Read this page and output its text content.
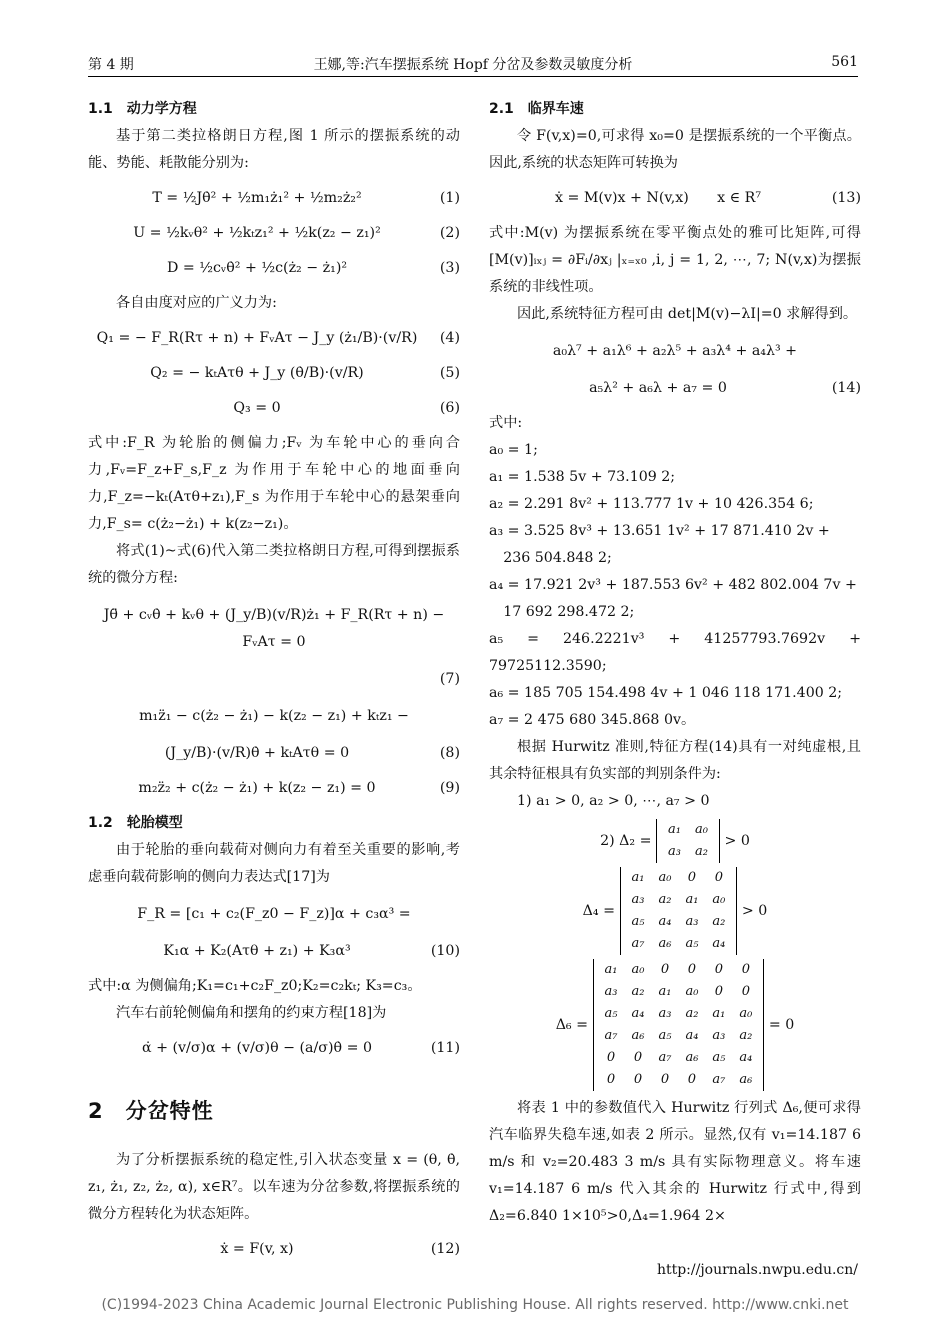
第 4 期	王娜,等:汽车摆振系统 Hopf 分岔及参数灵敏度分析	561

1.1　动力学方程

基于第二类拉格朗日方程,图 1 所示的摆振系统的动能、势能、耗散能分别为:

T = ½Jθ̇² + ½m₁ż₁² + ½m₂ż₂²	(1)
U = ½kᵥθ² + ½kₜz₁² + ½k(z₂ − z₁)²	(2)
D = ½cᵥθ̇² + ½c(ż₂ − ż₁)²	(3)

各自由度对应的广义力为:

Q₁ = − F_R(Rτ + n) + FᵥAτ − J_y (ż₁/B)·(v/R) (4)
Q₂ = − kₜAτθ + J_y (θ̇/B)·(v/R)	(5)
Q₃ = 0	(6)

式中:F_R 为轮胎的侧偏力;Fᵥ 为车轮中心的垂向合力,Fᵥ=F_z+F_s,F_z 为作用于车轮中心的地面垂向力,F_z=−kₜ(Aτθ+z₁),F_s 为作用于车轮中心的悬架垂向力,F_s= c(ż₂−ż₁) + k(z₂−z₁)。

将式(1)~式(6)代入第二类拉格朗日方程,可得到摆振系统的微分方程:

Jθ̈ + cᵥθ̇ + kᵥθ + (J_y/B)(v/R)ż₁ + F_R(Rτ + n) − FᵥAτ = 0

(7)

m₁z̈₁ − c(ż₂ − ż₁) − k(z₂ − z₁) + kₜz₁ −
(J_y/B)·(v/R)θ̇ + kₜAτθ = 0	(8)
m₂z̈₂ + c(ż₂ − ż₁) + k(z₂ − z₁) = 0	(9)

1.2　轮胎模型

由于轮胎的垂向载荷对侧向力有着至关重要的影响,考虑垂向载荷影响的侧向力表达式[17]为

F_R = [c₁ + c₂(F_z0 − F_z)]α + c₃α³ =
K₁α + K₂(Aτθ + z₁) + K₃α³	(10)

式中:α 为侧偏角;K₁=c₁+c₂F_z0;K₂=c₂kₜ; K₃=c₃。

汽车右前轮侧偏角和摆角的约束方程[18]为

α̇ + (v/σ)α + (v/σ)θ − (a/σ)θ̇ = 0	(11)

2　分岔特性

为了分析摆振系统的稳定性,引入状态变量 x = (θ, θ̇, z₁, ż₁, z₂, ż₂, α), x∈R⁷。以车速为分岔参数,将摆振系统的微分方程转化为状态矩阵。

ẋ = F(v, x)	(12)

2.1　临界车速

令 F(v,x)=0,可求得 x₀=0 是摆振系统的一个平衡点。因此,系统的状态矩阵可转换为

ẋ = M(v)x + N(v,x)　　x ∈ R⁷	(13)

式中:M(v) 为摆振系统在零平衡点处的雅可比矩阵,可得[M(v)]ᵢₓⱼ = ∂Fᵢ/∂xⱼ |ₓ₌ₓ₀ ,i, j = 1, 2, ⋯, 7; N(v,x)为摆振系统的非线性项。

因此,系统特征方程可由 det|M(v)−λI|=0 求解得到。

a₀λ⁷ + a₁λ⁶ + a₂λ⁵ + a₃λ⁴ + a₄λ³ +
a₅λ² + a₆λ + a₇ = 0	(14)

式中:

a₀ = 1;

a₁ = 1.538 5v + 73.109 2;

a₂ = 2.291 8v² + 113.777 1v + 10 426.354 6;

a₃ = 3.525 8v³ + 13.651 1v² + 17 871.410 2v +

　236 504.848 2;

a₄ = 17.921 2v³ + 187.553 6v² + 482 802.004 7v +

　17 692 298.472 2;

a₅ = 246.2221v³ + 41257793.7692v + 79725112.3590;

a₆ = 185 705 154.498 4v + 1 046 118 171.400 2;

a₇ = 2 475 680 345.868 0v。

根据 Hurwitz 准则,特征方程(14)具有一对纯虚根,且其余特征根具有负实部的判别条件为:

1) a₁ > 0, a₂ > 0, ⋯, a₇ > 0

2) Δ₂ =
a₁	a₀
a₃	a₂
> 0
Δ₄ =
a₁	a₀	0	0
a₃	a₂	a₁	a₀
a₅	a₄	a₃	a₂
a₇	a₆	a₅	a₄
> 0
Δ₆ =
a₁	a₀	0	0	0	0
a₃	a₂	a₁	a₀	0	0
a₅	a₄	a₃	a₂	a₁	a₀
a₇	a₆	a₅	a₄	a₃	a₂
0	0	a₇	a₆	a₅	a₄
0	0	0	0	a₇	a₆
= 0

将表 1 中的参数值代入 Hurwitz 行列式 Δ₆,便可求得汽车临界失稳车速,如表 2 所示。显然,仅有 v₁=14.187 6 m/s 和 v₂=20.483 3 m/s 具有实际物理意义。将车速 v₁=14.187 6 m/s 代入其余的 Hurwitz 行式中,得到 Δ₂=6.840 1×10⁵>0,Δ₄=1.964 2×

http://journals.nwpu.edu.cn/
(C)1994-2023 China Academic Journal Electronic Publishing House. All rights reserved. http://www.cnki.net
